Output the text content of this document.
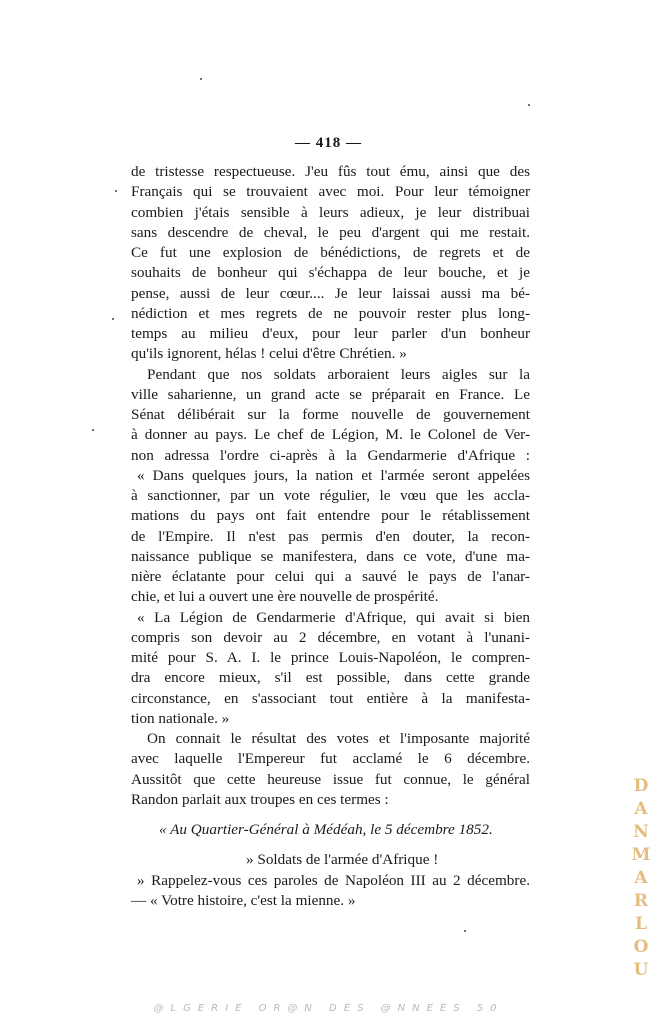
— 418 —
de tristesse respectueuse. J'eu fûs tout ému, ainsi que des
Français qui se trouvaient avec moi. Pour leur témoigner
combien j'étais sensible à leurs adieux, je leur distribuai
sans descendre de cheval, le peu d'argent qui me restait.
Ce fut une explosion de bénédictions, de regrets et de
souhaits de bonheur qui s'échappa de leur bouche, et je
pense, aussi de leur cœur.... Je leur laissai aussi ma bé-
nédiction et mes regrets de ne pouvoir rester plus long-
temps au milieu d'eux, pour leur parler d'un bonheur
qu'ils ignorent, hélas ! celui d'être Chrétien. »
Pendant que nos soldats arboraient leurs aigles sur la
ville saharienne, un grand acte se préparait en France. Le
Sénat délibérait sur la forme nouvelle de gouvernement
à donner au pays. Le chef de Légion, M. le Colonel de Ver-
non adressa l'ordre ci-après à la Gendarmerie d'Afrique :
« Dans quelques jours, la nation et l'armée seront appelées
à sanctionner, par un vote régulier, le vœu que les accla-
mations du pays ont fait entendre pour le rétablissement
de l'Empire. Il n'est pas permis d'en douter, la recon-
naissance publique se manifestera, dans ce vote, d'une ma-
nière éclatante pour celui qui a sauvé le pays de l'anar-
chie, et lui a ouvert une ère nouvelle de prospérité.
« La Légion de Gendarmerie d'Afrique, qui avait si bien
compris son devoir au 2 décembre, en votant à l'unani-
mité pour S. A. I. le prince Louis-Napoléon, le compren-
dra encore mieux, s'il est possible, dans cette grande
circonstance, en s'associant tout entière à la manifesta-
tion nationale. »
On connait le résultat des votes et l'imposante majorité
avec laquelle l'Empereur fut acclamé le 6 décembre.
Aussitôt que cette heureuse issue fut connue, le général
Randon parlait aux troupes en ces termes :
« Au Quartier-Général à Médéah, le 5 décembre 1852.
» Soldats de l'armée d'Afrique !
» Rappelez-vous ces paroles de Napoléon III au 2 décembre.
— « Votre histoire, c'est la mienne. »
D
A
N
M
A
R
L
O
U
@LGERIE OR@N DES @NNEES 50
